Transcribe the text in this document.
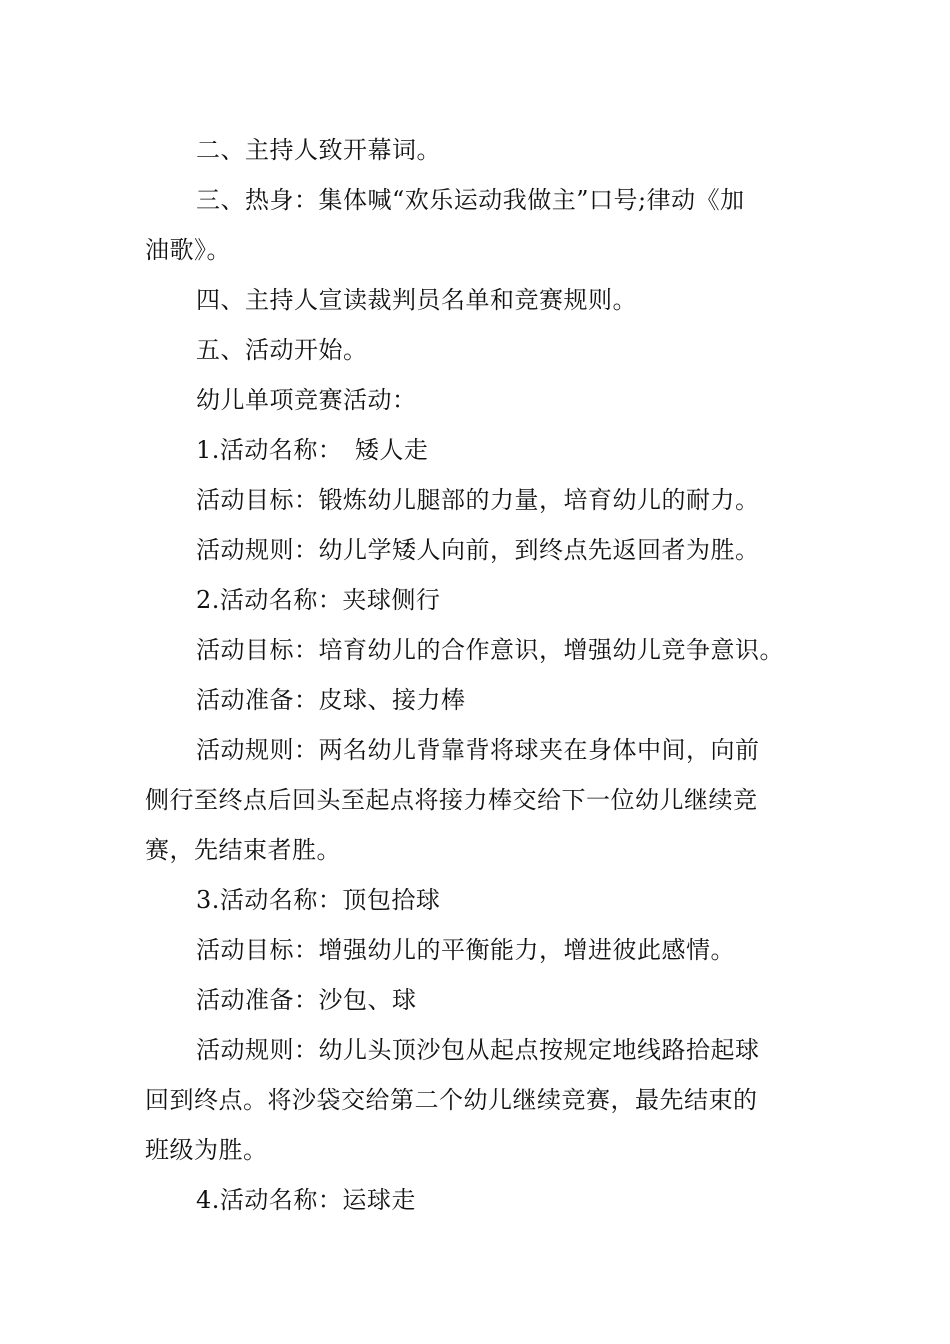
二、主持人致开幕词。
三、热身：集体喊“欢乐运动我做主”口号;律动《加
油歌》。
四、主持人宣读裁判员名单和竞赛规则。
五、活动开始。
幼儿单项竞赛活动：
1.活动名称：　矮人走
活动目标：锻炼幼儿腿部的力量，培育幼儿的耐力。
活动规则：幼儿学矮人向前，到终点先返回者为胜。
2.活动名称：夹球侧行
活动目标：培育幼儿的合作意识，增强幼儿竞争意识。
活动准备：皮球、接力棒
活动规则：两名幼儿背靠背将球夹在身体中间，向前
侧行至终点后回头至起点将接力棒交给下一位幼儿继续竞
赛，先结束者胜。
3.活动名称：顶包拾球
活动目标：增强幼儿的平衡能力，增进彼此感情。
活动准备：沙包、球
活动规则：幼儿头顶沙包从起点按规定地线路拾起球
回到终点。将沙袋交给第二个幼儿继续竞赛，最先结束的
班级为胜。
4.活动名称：运球走
